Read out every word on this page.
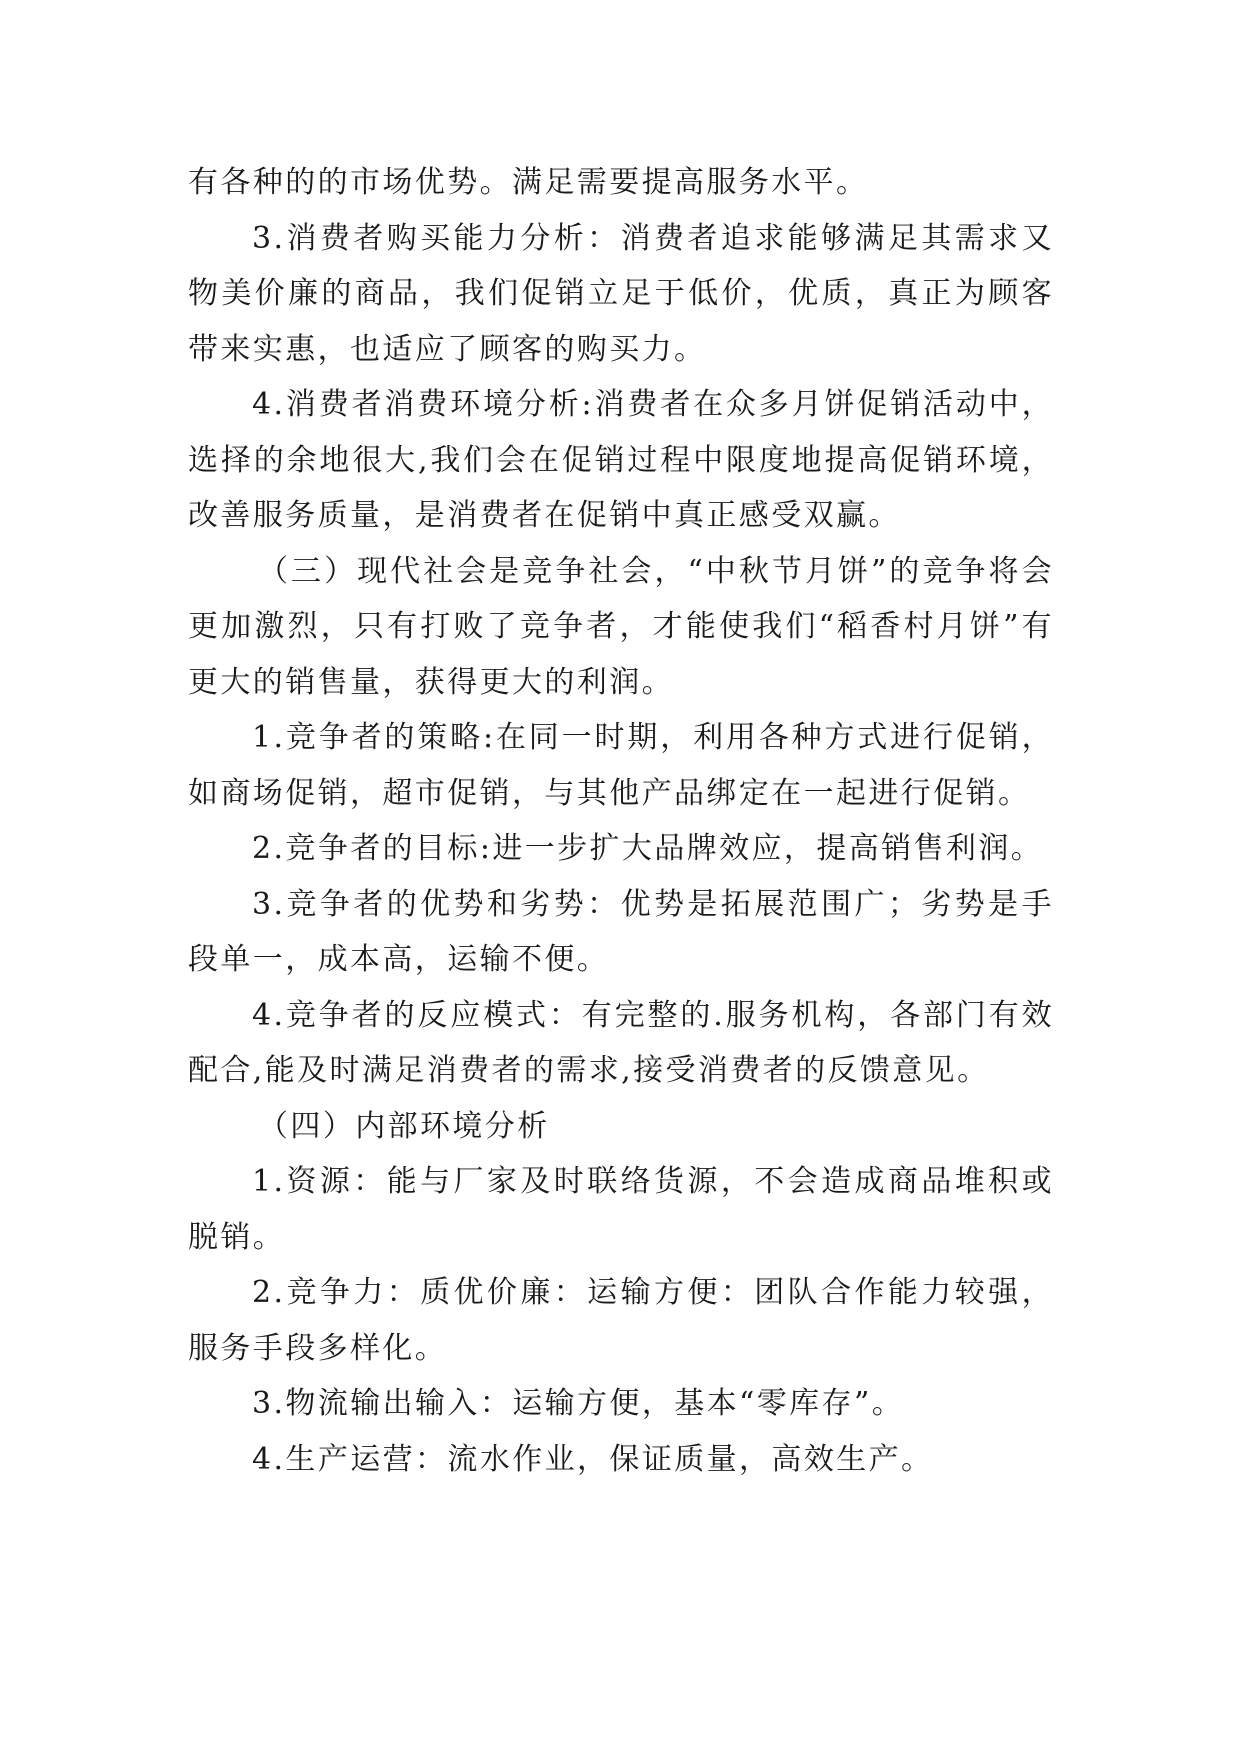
有各种的的市场优势。满足需要提高服务水平。

3.消费者购买能力分析：消费者追求能够满足其需求又物美价廉的商品，我们促销立足于低价，优质，真正为顾客带来实惠，也适应了顾客的购买力。

4.消费者消费环境分析:消费者在众多月饼促销活动中，选择的余地很大,我们会在促销过程中限度地提高促销环境，改善服务质量，是消费者在促销中真正感受双赢。

（三）现代社会是竞争社会，“中秋节月饼”的竞争将会更加激烈，只有打败了竞争者，才能使我们“稻香村月饼”有更大的销售量，获得更大的利润。

1.竞争者的策略:在同一时期，利用各种方式进行促销，如商场促销，超市促销，与其他产品绑定在一起进行促销。

2.竞争者的目标:进一步扩大品牌效应，提高销售利润。

3.竞争者的优势和劣势：优势是拓展范围广；劣势是手段单一，成本高，运输不便。

4.竞争者的反应模式：有完整的.服务机构，各部门有效配合,能及时满足消费者的需求,接受消费者的反馈意见。

（四）内部环境分析

1.资源：能与厂家及时联络货源，不会造成商品堆积或脱销。

2.竞争力：质优价廉：运输方便：团队合作能力较强，服务手段多样化。

3.物流输出输入：运输方便，基本“零库存”。

4.生产运营：流水作业，保证质量，高效生产。
